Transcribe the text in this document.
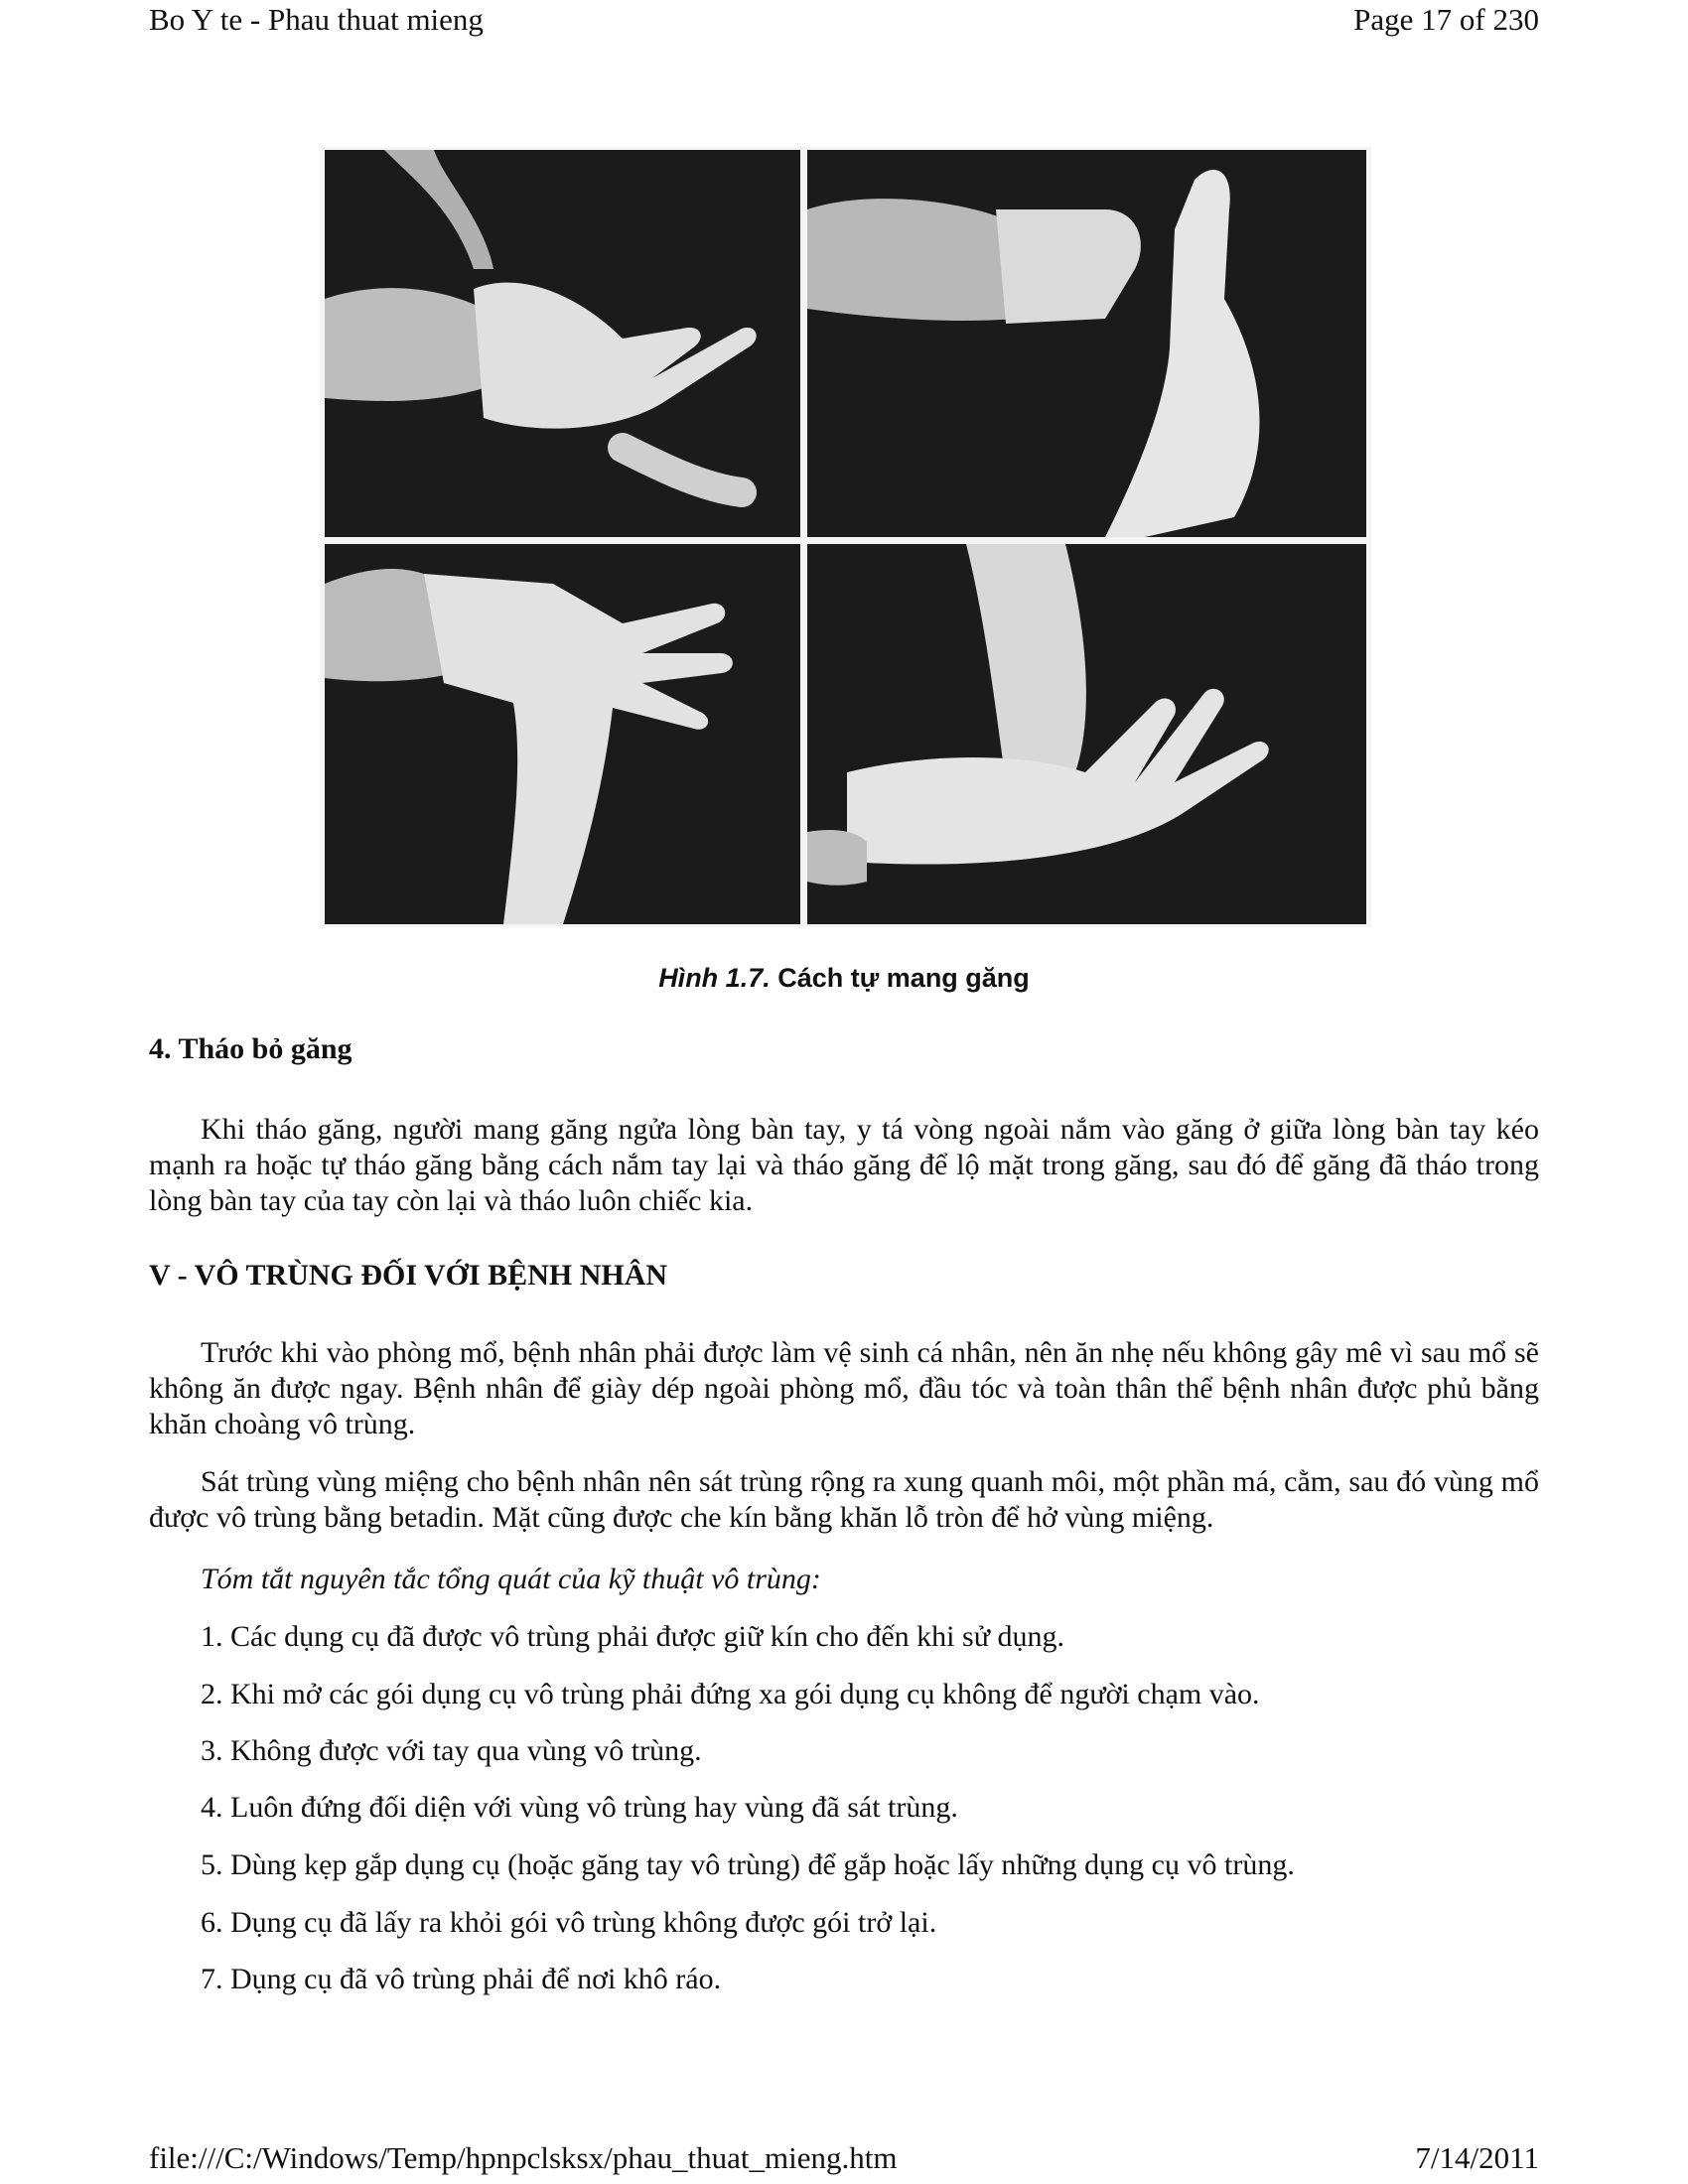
Bo Y te - Phau thuat mieng	Page 17 of 230
Hình 1.7. Cách tự mang găng
4. Tháo bỏ găng
Khi tháo găng, người mang găng ngửa lòng bàn tay, y tá vòng ngoài nắm vào găng ở giữa lòng bàn tay kéo mạnh ra hoặc tự tháo găng bằng cách nắm tay lại và tháo găng để lộ mặt trong găng, sau đó để găng đã tháo trong lòng bàn tay của tay còn lại và tháo luôn chiếc kia.
V - VÔ TRÙNG ĐỐI VỚI BỆNH NHÂN
Trước khi vào phòng mổ, bệnh nhân phải được làm vệ sinh cá nhân, nên ăn nhẹ nếu không gây mê vì sau mổ sẽ không ăn được ngay. Bệnh nhân để giày dép ngoài phòng mổ, đầu tóc và toàn thân thể bệnh nhân được phủ bằng khăn choàng vô trùng.
Sát trùng vùng miệng cho bệnh nhân nên sát trùng rộng ra xung quanh môi, một phần má, cằm, sau đó vùng mổ được vô trùng bằng betadin. Mặt cũng được che kín bằng khăn lỗ tròn để hở vùng miệng.
Tóm tắt nguyên tắc tổng quát của kỹ thuật vô trùng:
1. Các dụng cụ đã được vô trùng phải được giữ kín cho đến khi sử dụng.
2. Khi mở các gói dụng cụ vô trùng phải đứng xa gói dụng cụ không để người chạm vào.
3. Không được với tay qua vùng vô trùng.
4. Luôn đứng đối diện với vùng vô trùng hay vùng đã sát trùng.
5. Dùng kẹp gắp dụng cụ (hoặc găng tay vô trùng) để gắp hoặc lấy những dụng cụ vô trùng.
6. Dụng cụ đã lấy ra khỏi gói vô trùng không được gói trở lại.
7. Dụng cụ đã vô trùng phải để nơi khô ráo.
file:///C:/Windows/Temp/hpnpclsksx/phau_thuat_mieng.htm	7/14/2011
